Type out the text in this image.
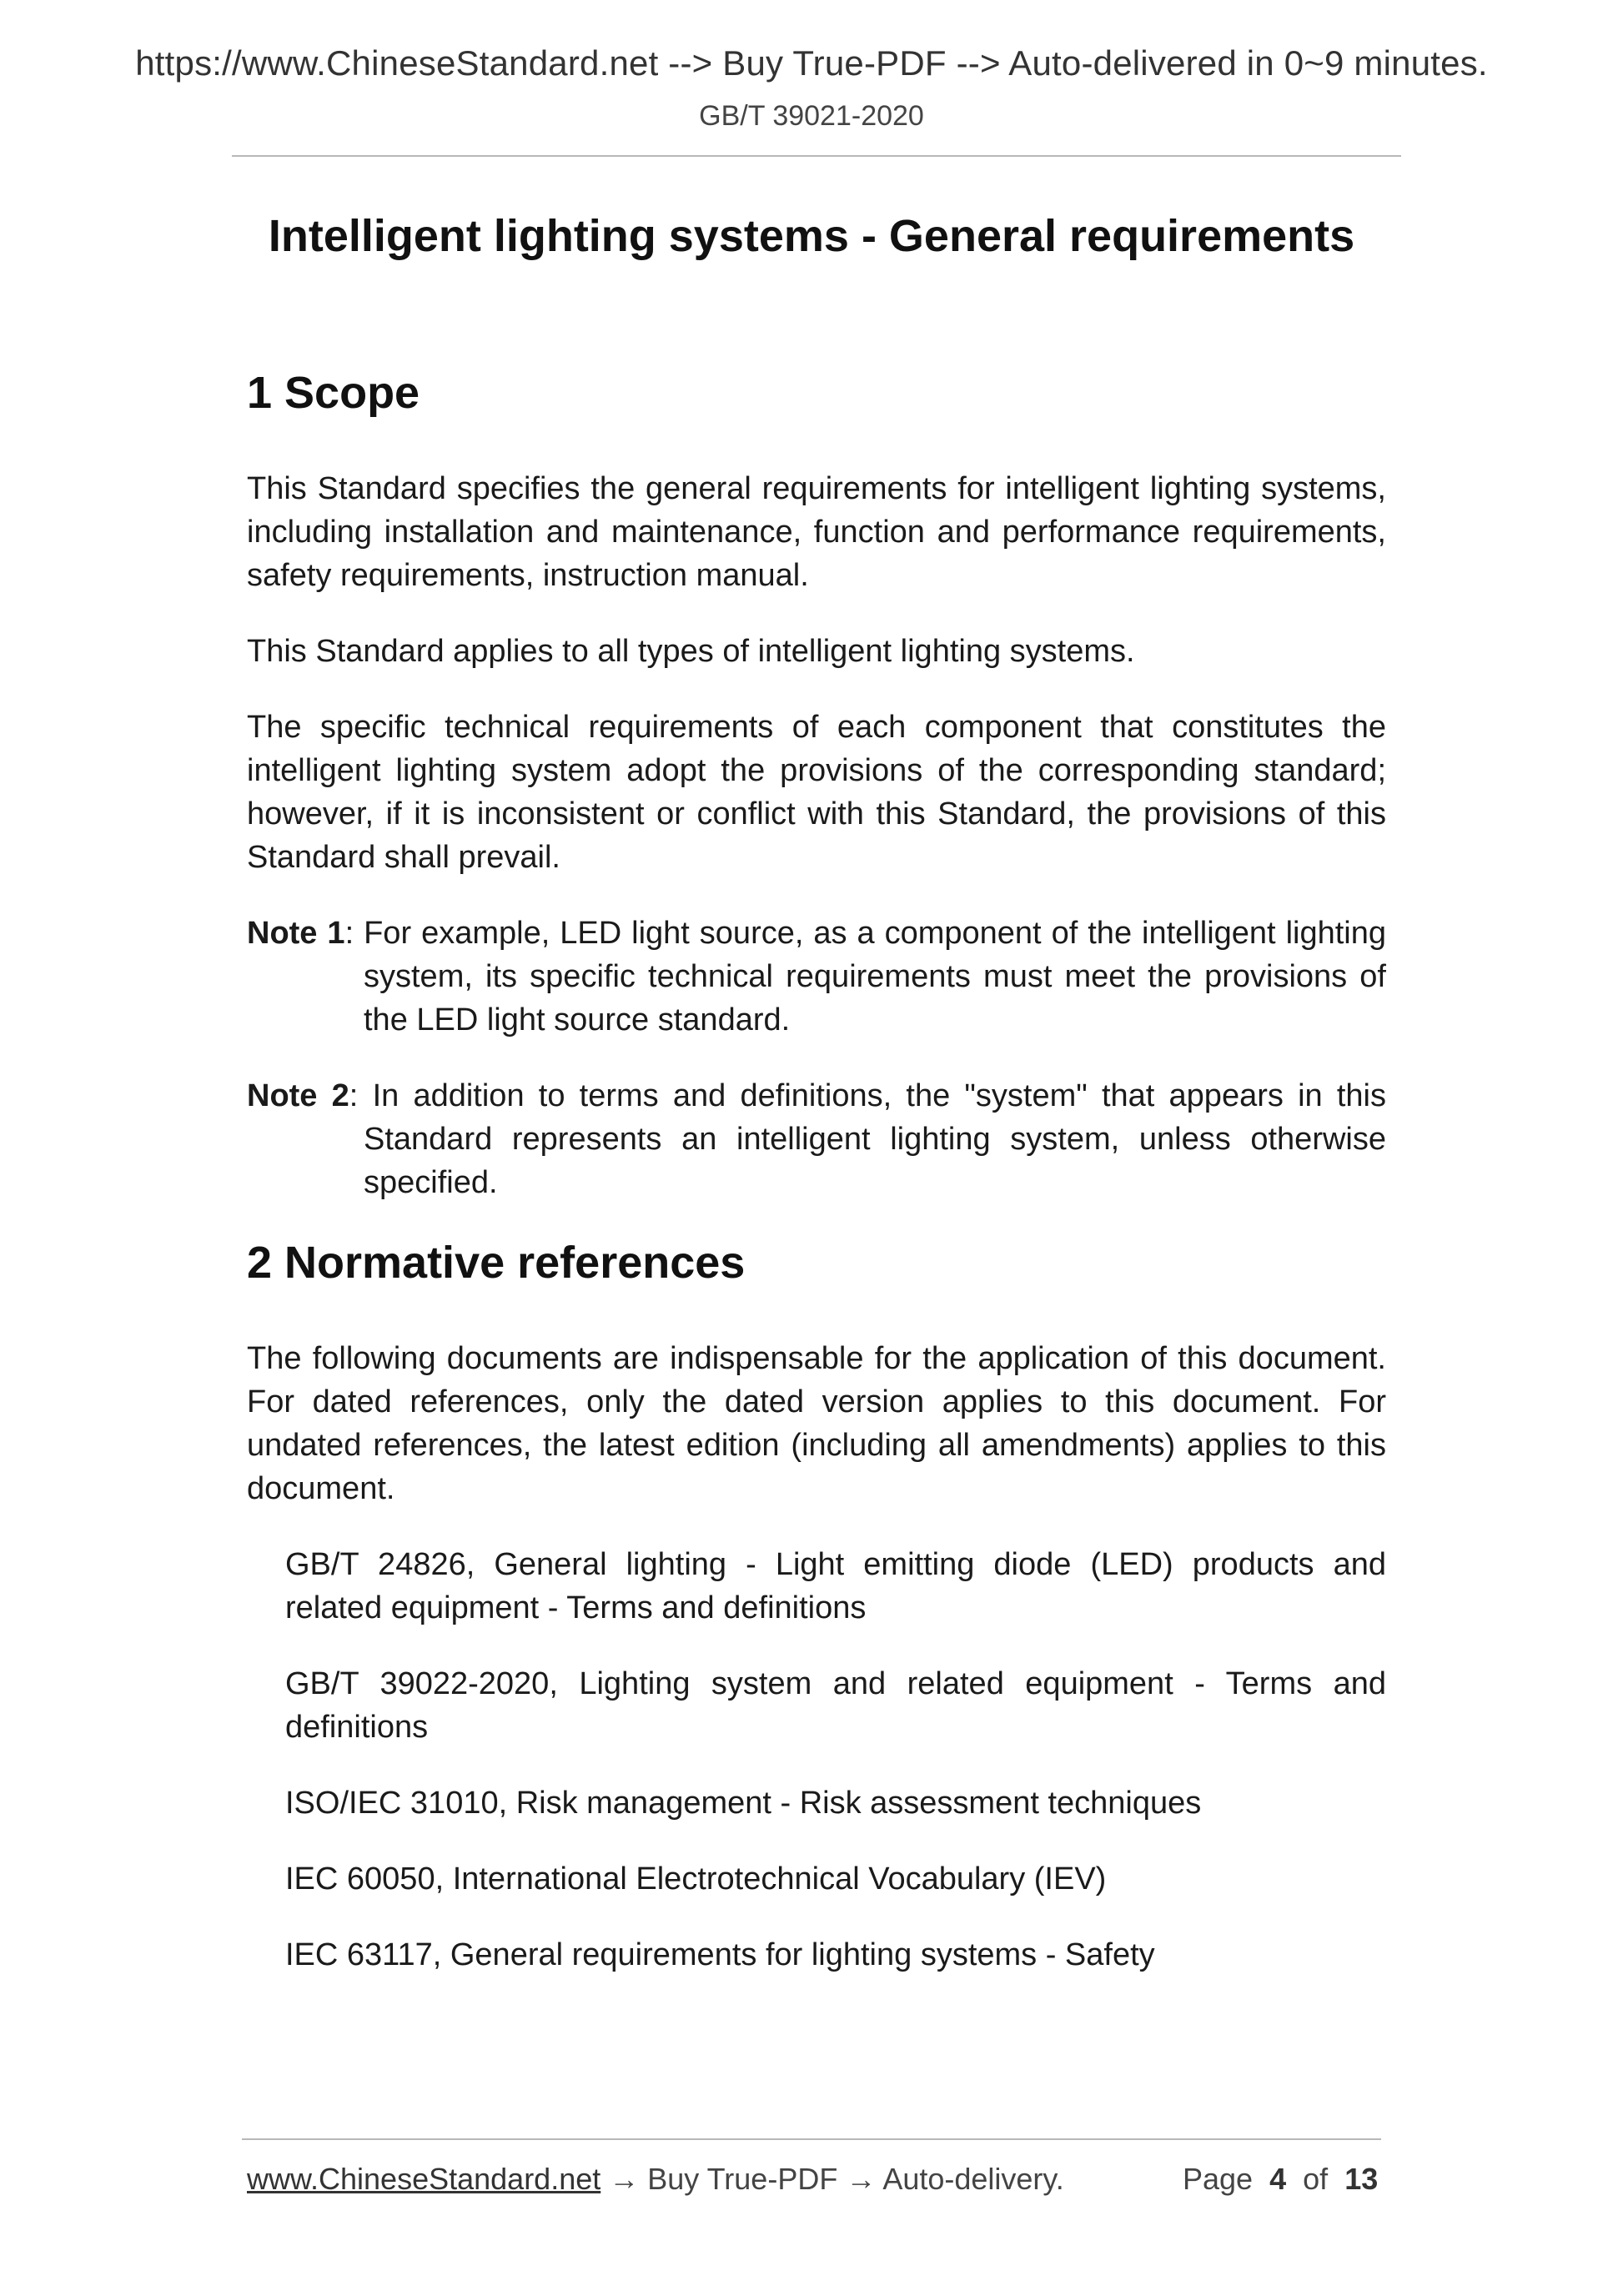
https://www.ChineseStandard.net --> Buy True-PDF --> Auto-delivered in 0~9 minutes.
GB/T 39021-2020
Intelligent lighting systems - General requirements
1 Scope

This Standard specifies the general requirements for intelligent lighting systems, including installation and maintenance, function and performance requirements, safety requirements, instruction manual.

This Standard applies to all types of intelligent lighting systems.

The specific technical requirements of each component that constitutes the intelligent lighting system adopt the provisions of the corresponding standard; however, if it is inconsistent or conflict with this Standard, the provisions of this Standard shall prevail.

Note 1: For example, LED light source, as a component of the intelligent lighting system, its specific technical requirements must meet the provisions of the LED light source standard.
Note 2: In addition to terms and definitions, the "system" that appears in this Standard represents an intelligent lighting system, unless otherwise specified.
2 Normative references

The following documents are indispensable for the application of this document. For dated references, only the dated version applies to this document. For undated references, the latest edition (including all amendments) applies to this document.

GB/T 24826, General lighting - Light emitting diode (LED) products and related equipment - Terms and definitions
GB/T 39022-2020, Lighting system and related equipment - Terms and definitions
ISO/IEC 31010, Risk management - Risk assessment techniques
IEC 60050, International Electrotechnical Vocabulary (IEV)
IEC 63117, General requirements for lighting systems - Safety
www.ChineseStandard.net → Buy True-PDF → Auto-delivery.	Page 4 of 13
